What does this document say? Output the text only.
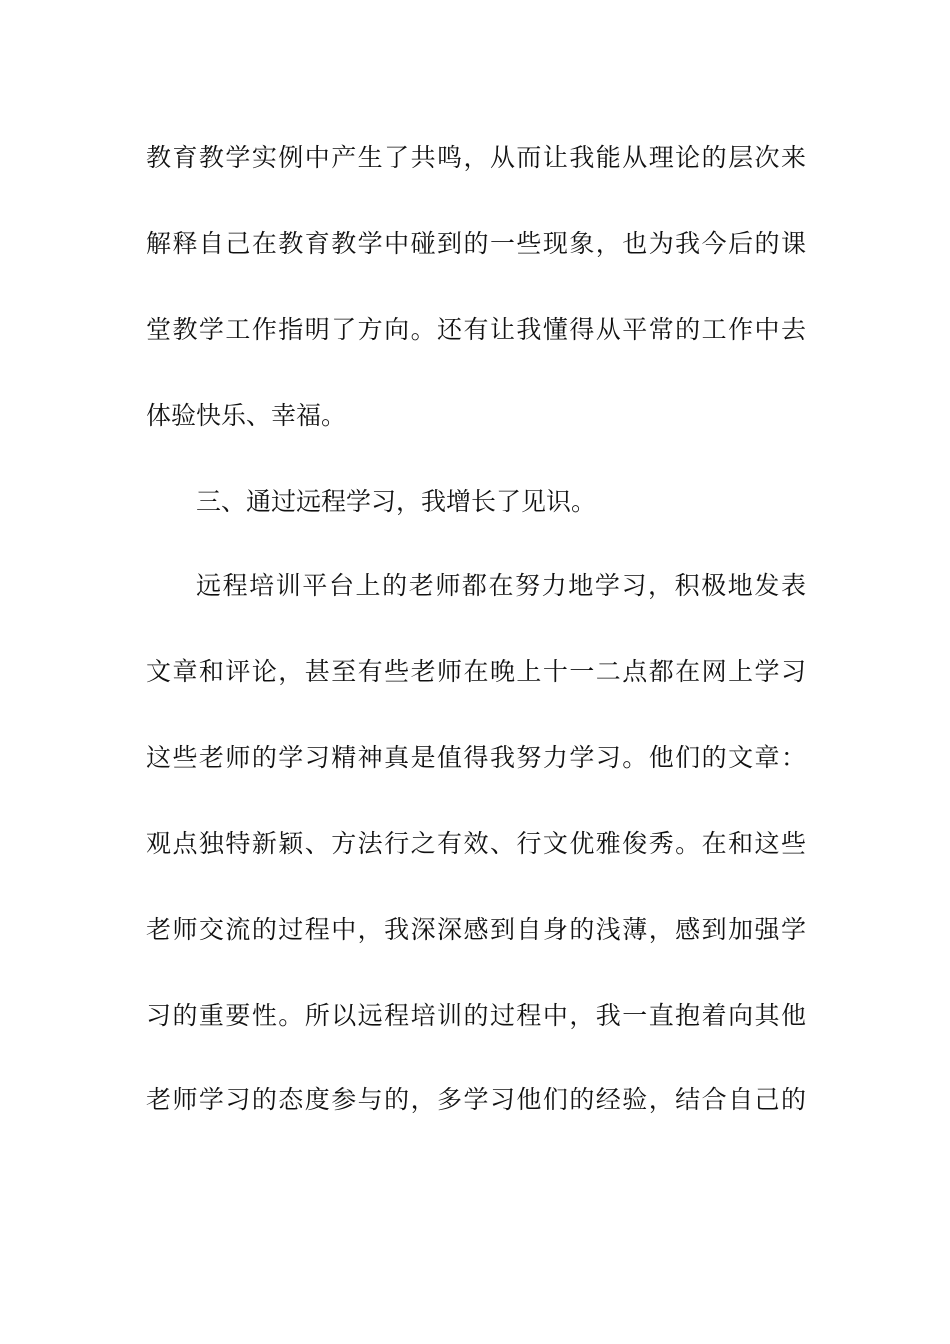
教育教学实例中产生了共鸣，从而让我能从理论的层次来
解释自己在教育教学中碰到的一些现象，也为我今后的课
堂教学工作指明了方向。还有让我懂得从平常的工作中去
体验快乐、幸福。
三、通过远程学习，我增长了见识。
远程培训平台上的老师都在努力地学习，积极地发表
文章和评论，甚至有些老师在晚上十一二点都在网上学习
这些老师的学习精神真是值得我努力学习。他们的文章：
观点独特新颖、方法行之有效、行文优雅俊秀。在和这些
老师交流的过程中，我深深感到自身的浅薄，感到加强学
习的重要性。所以远程培训的过程中，我一直抱着向其他
老师学习的态度参与的，多学习他们的经验，结合自己的
